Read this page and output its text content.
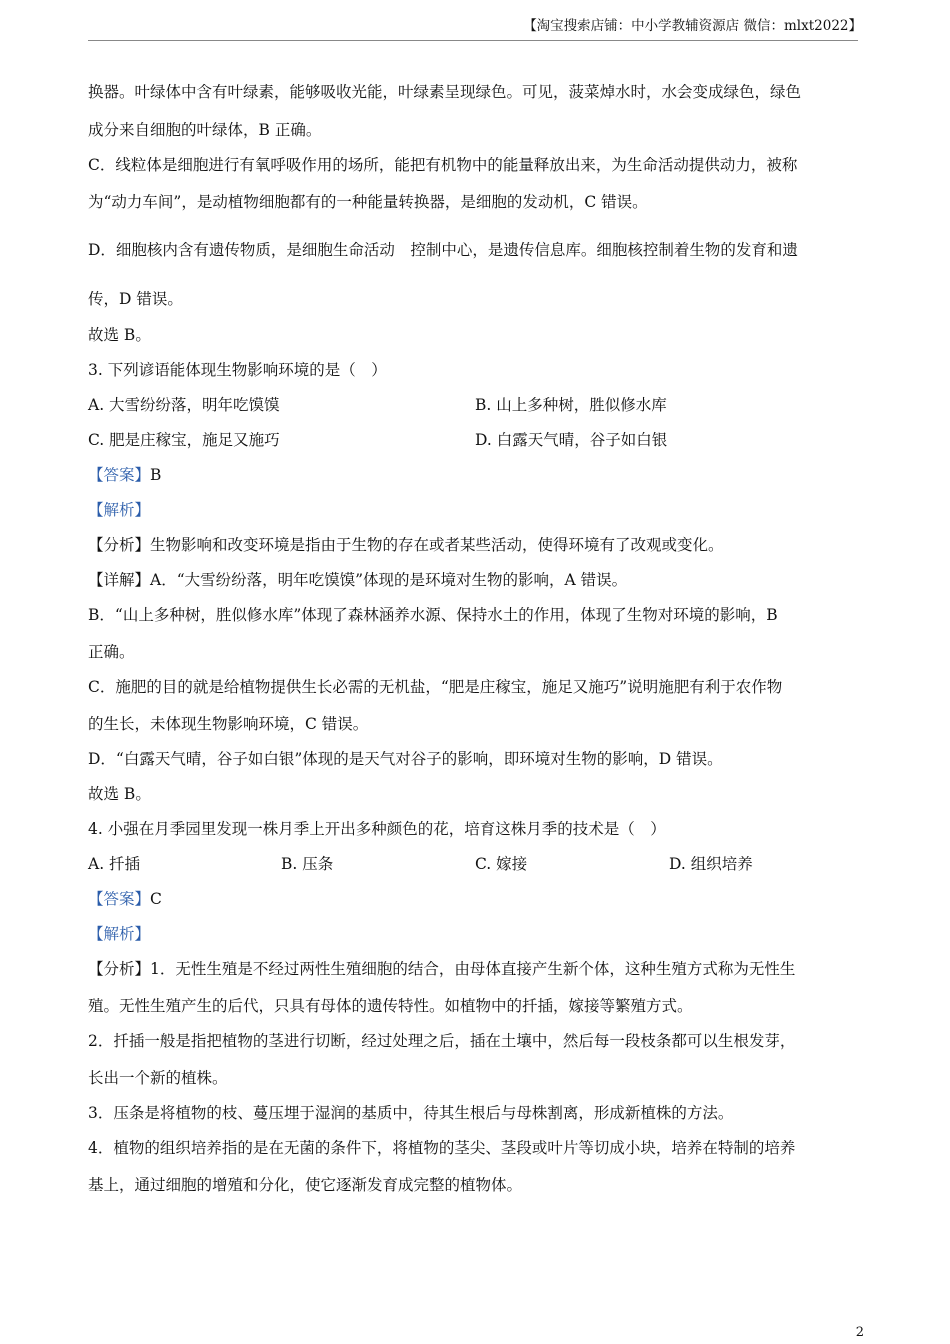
【淘宝搜索店铺：中小学教辅资源店 微信：mlxt2022】
换器。叶绿体中含有叶绿素，能够吸收光能，叶绿素呈现绿色。可见，菠菜焯水时，水会变成绿色，绿色
成分来自细胞的叶绿体，B 正确。
C．线粒体是细胞进行有氧呼吸作用的场所，能把有机物中的能量释放出来，为生命活动提供动力，被称
为“动力车间”，是动植物细胞都有的一种能量转换器，是细胞的发动机，C 错误。
D．细胞核内含有遗传物质，是细胞生命活动　控制中心，是遗传信息库。细胞核控制着生物的发育和遗
传，D 错误。
故选 B。
3. 下列谚语能体现生物影响环境的是（　）
A. 大雪纷纷落，明年吃馍馍	B. 山上多种树，胜似修水库
C. 肥是庄稼宝，施足又施巧	D. 白露天气晴，谷子如白银
【答案】B
【解析】
【分析】生物影响和改变环境是指由于生物的存在或者某些活动，使得环境有了改观或变化。
【详解】A．“大雪纷纷落，明年吃馍馍”体现的是环境对生物的影响，A 错误。
B．“山上多种树，胜似修水库”体现了森林涵养水源、保持水土的作用，体现了生物对环境的影响，B
正确。
C．施肥的目的就是给植物提供生长必需的无机盐，“肥是庄稼宝，施足又施巧”说明施肥有利于农作物
的生长，未体现生物影响环境，C 错误。
D．“白露天气晴，谷子如白银”体现的是天气对谷子的影响，即环境对生物的影响，D 错误。
故选 B。
4. 小强在月季园里发现一株月季上开出多种颜色的花，培育这株月季的技术是（　）
A. 扦插	B. 压条	C. 嫁接	D. 组织培养
【答案】C
【解析】
【分析】1．无性生殖是不经过两性生殖细胞的结合，由母体直接产生新个体，这种生殖方式称为无性生
殖。无性生殖产生的后代，只具有母体的遗传特性。如植物中的扦插，嫁接等繁殖方式。
2．扦插一般是指把植物的茎进行切断，经过处理之后，插在土壤中，然后每一段枝条都可以生根发芽，
长出一个新的植株。
3．压条是将植物的枝、蔓压埋于湿润的基质中，待其生根后与母株割离，形成新植株的方法。
4．植物的组织培养指的是在无菌的条件下，将植物的茎尖、茎段或叶片等切成小块，培养在特制的培养
基上，通过细胞的增殖和分化，使它逐渐发育成完整的植物体。
2
